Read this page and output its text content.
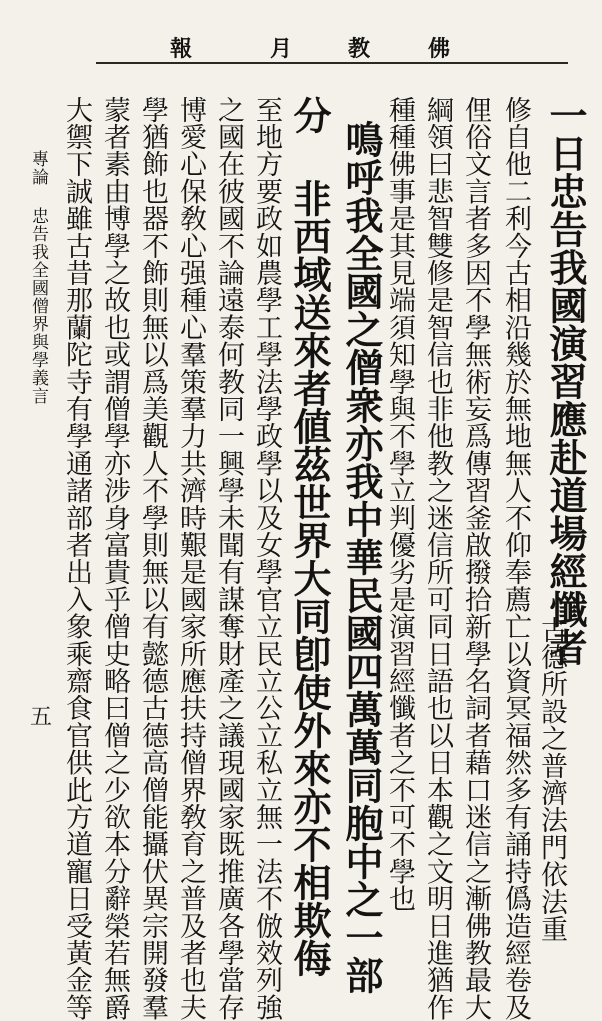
報	月	教	佛
一日忠告我國演習應赴道場經懺者
古德所設之普濟法門依法重
修自他二利今古相沿幾於無地無人不仰奉薦亡以資冥福然多有誦持僞造經卷及
俚俗文言者多因不學無術妄爲傳習釜啟撥拾新學名詞者藉口迷信之漸佛教最大
綱領曰悲智雙修是智信也非他教之迷信所可同日語也以日本觀之文明日進猶作
種種佛事是其見端須知學與不學立判優劣是演習經懺者之不可不學也
鳴呼我全國之僧衆亦我中華民國四萬萬同胞中之一部
分 非西域送來者値茲世界大同卽使外來亦不相欺侮
至地方要政如農學工學法學政學以及女學官立民立公立私立無一法不倣效列強
之國在彼國不論遠泰何教同一興學未聞有謀奪財產之議現國家既推廣各學當存
博愛心保敎心强種心羣策羣力共濟時艱是國家所應扶持僧界敎育之普及者也夫
學猶飾也器不飾則無以爲美觀人不學則無以有懿德古德高僧能攝伏異宗開發羣
蒙者素由博學之故也或謂僧學亦涉身富貴乎僧史略曰僧之少欲本分辭榮若無爵
大禦下誠雖古昔那蘭陀寺有學通諸部者出入象乘齋食官供此方道寵日受黃金等
專論 忠告我全國僧界與學義言
五
